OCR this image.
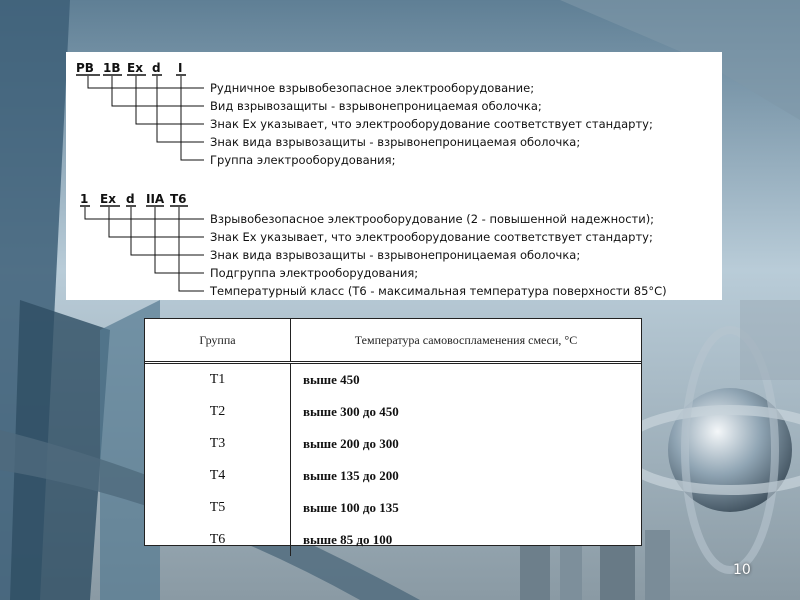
РВ 1В Ex d I
Рудничное взрывобезопасное электрооборудование;
Вид взрывозащиты - взрывонепроницаемая оболочка;
Знак Ex указывает, что электрооборудование соответствует стандарту;
Знак вида взрывозащиты - взрывонепроницаемая оболочка;
Группа электрооборудования;
1 Ex d IIA T6
Взрывобезопасное электрооборудование (2 - повышенной надежности);
Знак Ex указывает, что электрооборудование соответствует стандарту;
Знак вида взрывозащиты - взрывонепроницаемая оболочка;
Подгруппа электрооборудования;
Температурный класс (Т6 - максимальная температура поверхности 85°С)
Группа	Температура самовоспламенения смеси, °С
Т1	выше 450
Т2	выше 300 до 450
Т3	выше 200 до 300
Т4	выше 135 до 200
Т5	выше 100 до 135
Т6	выше 85 до 100
10
